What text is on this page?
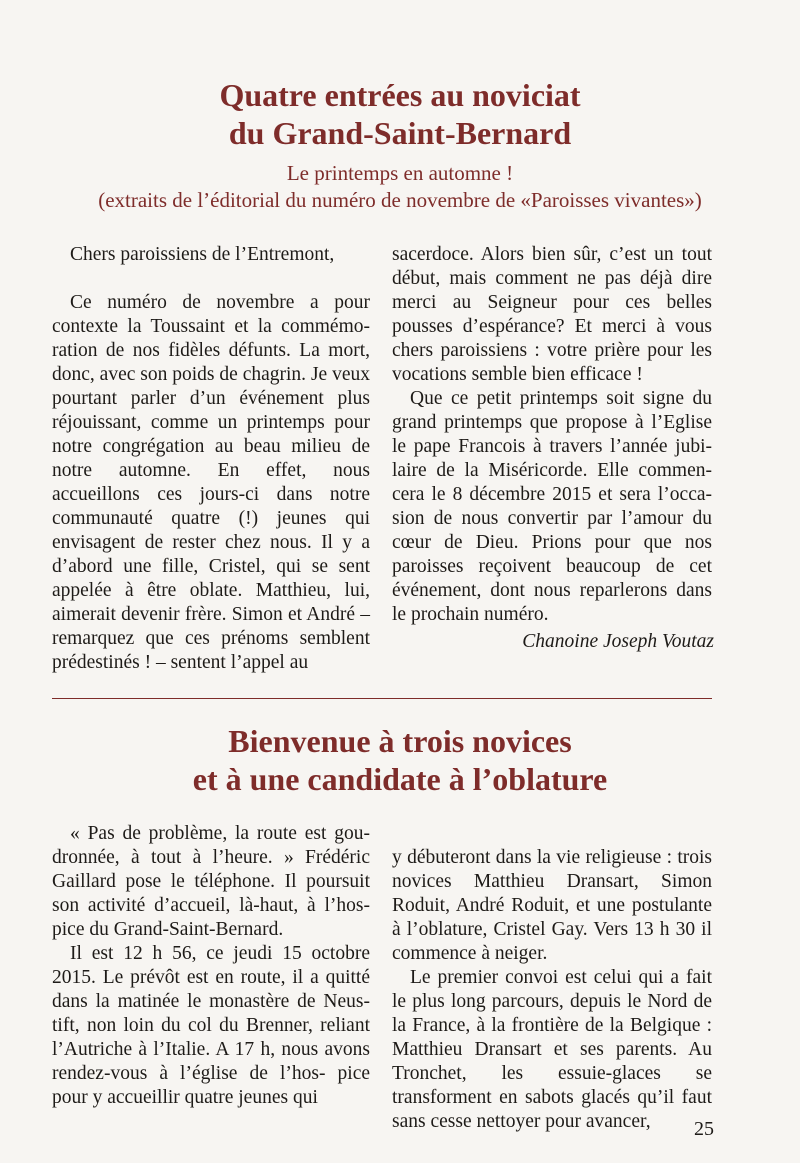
Quatre entrées au noviciat
du Grand-Saint-Bernard

Le printemps en automne !

(extraits de l’éditorial du numéro de novembre de «Paroisses vivantes»)

Chers paroissiens de l’Entremont,

Ce numéro de novembre a pour contexte la Toussaint et la commémo- ration de nos fidèles défunts. La mort, donc, avec son poids de chagrin. Je veux pourtant parler d’un événement plus réjouissant, comme un printemps pour notre congrégation au beau milieu de notre automne. En effet, nous accueillons ces jours-ci dans notre communauté quatre (!) jeunes qui envisagent de rester chez nous. Il y a d’abord une fille, Cristel, qui se sent appelée à être oblate. Matthieu, lui, aimerait devenir frère. Simon et André – remarquez que ces prénoms semblent prédestinés ! – sentent l’appel au

sacerdoce. Alors bien sûr, c’est un tout début, mais comment ne pas déjà dire merci au Seigneur pour ces belles pousses d’espérance? Et merci à vous chers paroissiens : votre prière pour les vocations semble bien efficace !

Que ce petit printemps soit signe du grand printemps que propose à l’Eglise le pape Francois à travers l’année jubi- laire de la Miséricorde. Elle commen- cera le 8 décembre 2015 et sera l’occa- sion de nous convertir par l’amour du cœur de Dieu. Prions pour que nos paroisses reçoivent beaucoup de cet événement, dont nous reparlerons dans le prochain numéro.

Chanoine Joseph Voutaz
Bienvenue à trois novices
et à une candidate à l’oblature

« Pas de problème, la route est gou- dronnée, à tout à l’heure. » Frédéric Gaillard pose le téléphone. Il poursuit son activité d’accueil, là-haut, à l’hos- pice du Grand-Saint-Bernard.

Il est 12 h 56, ce jeudi 15 octobre 2015. Le prévôt est en route, il a quitté dans la matinée le monastère de Neus- tift, non loin du col du Brenner, reliant l’Autriche à l’Italie. A 17 h, nous avons rendez-vous à l’église de l’hos- pice pour y accueillir quatre jeunes qui

y débuteront dans la vie religieuse : trois novices Matthieu Dransart, Simon Roduit, André Roduit, et une postulante à l’oblature, Cristel Gay. Vers 13 h 30 il commence à neiger.

Le premier convoi est celui qui a fait le plus long parcours, depuis le Nord de la France, à la frontière de la Belgique : Matthieu Dransart et ses parents. Au Tronchet, les essuie-glaces se transforment en sabots glacés qu’il faut sans cesse nettoyer pour avancer,	25
